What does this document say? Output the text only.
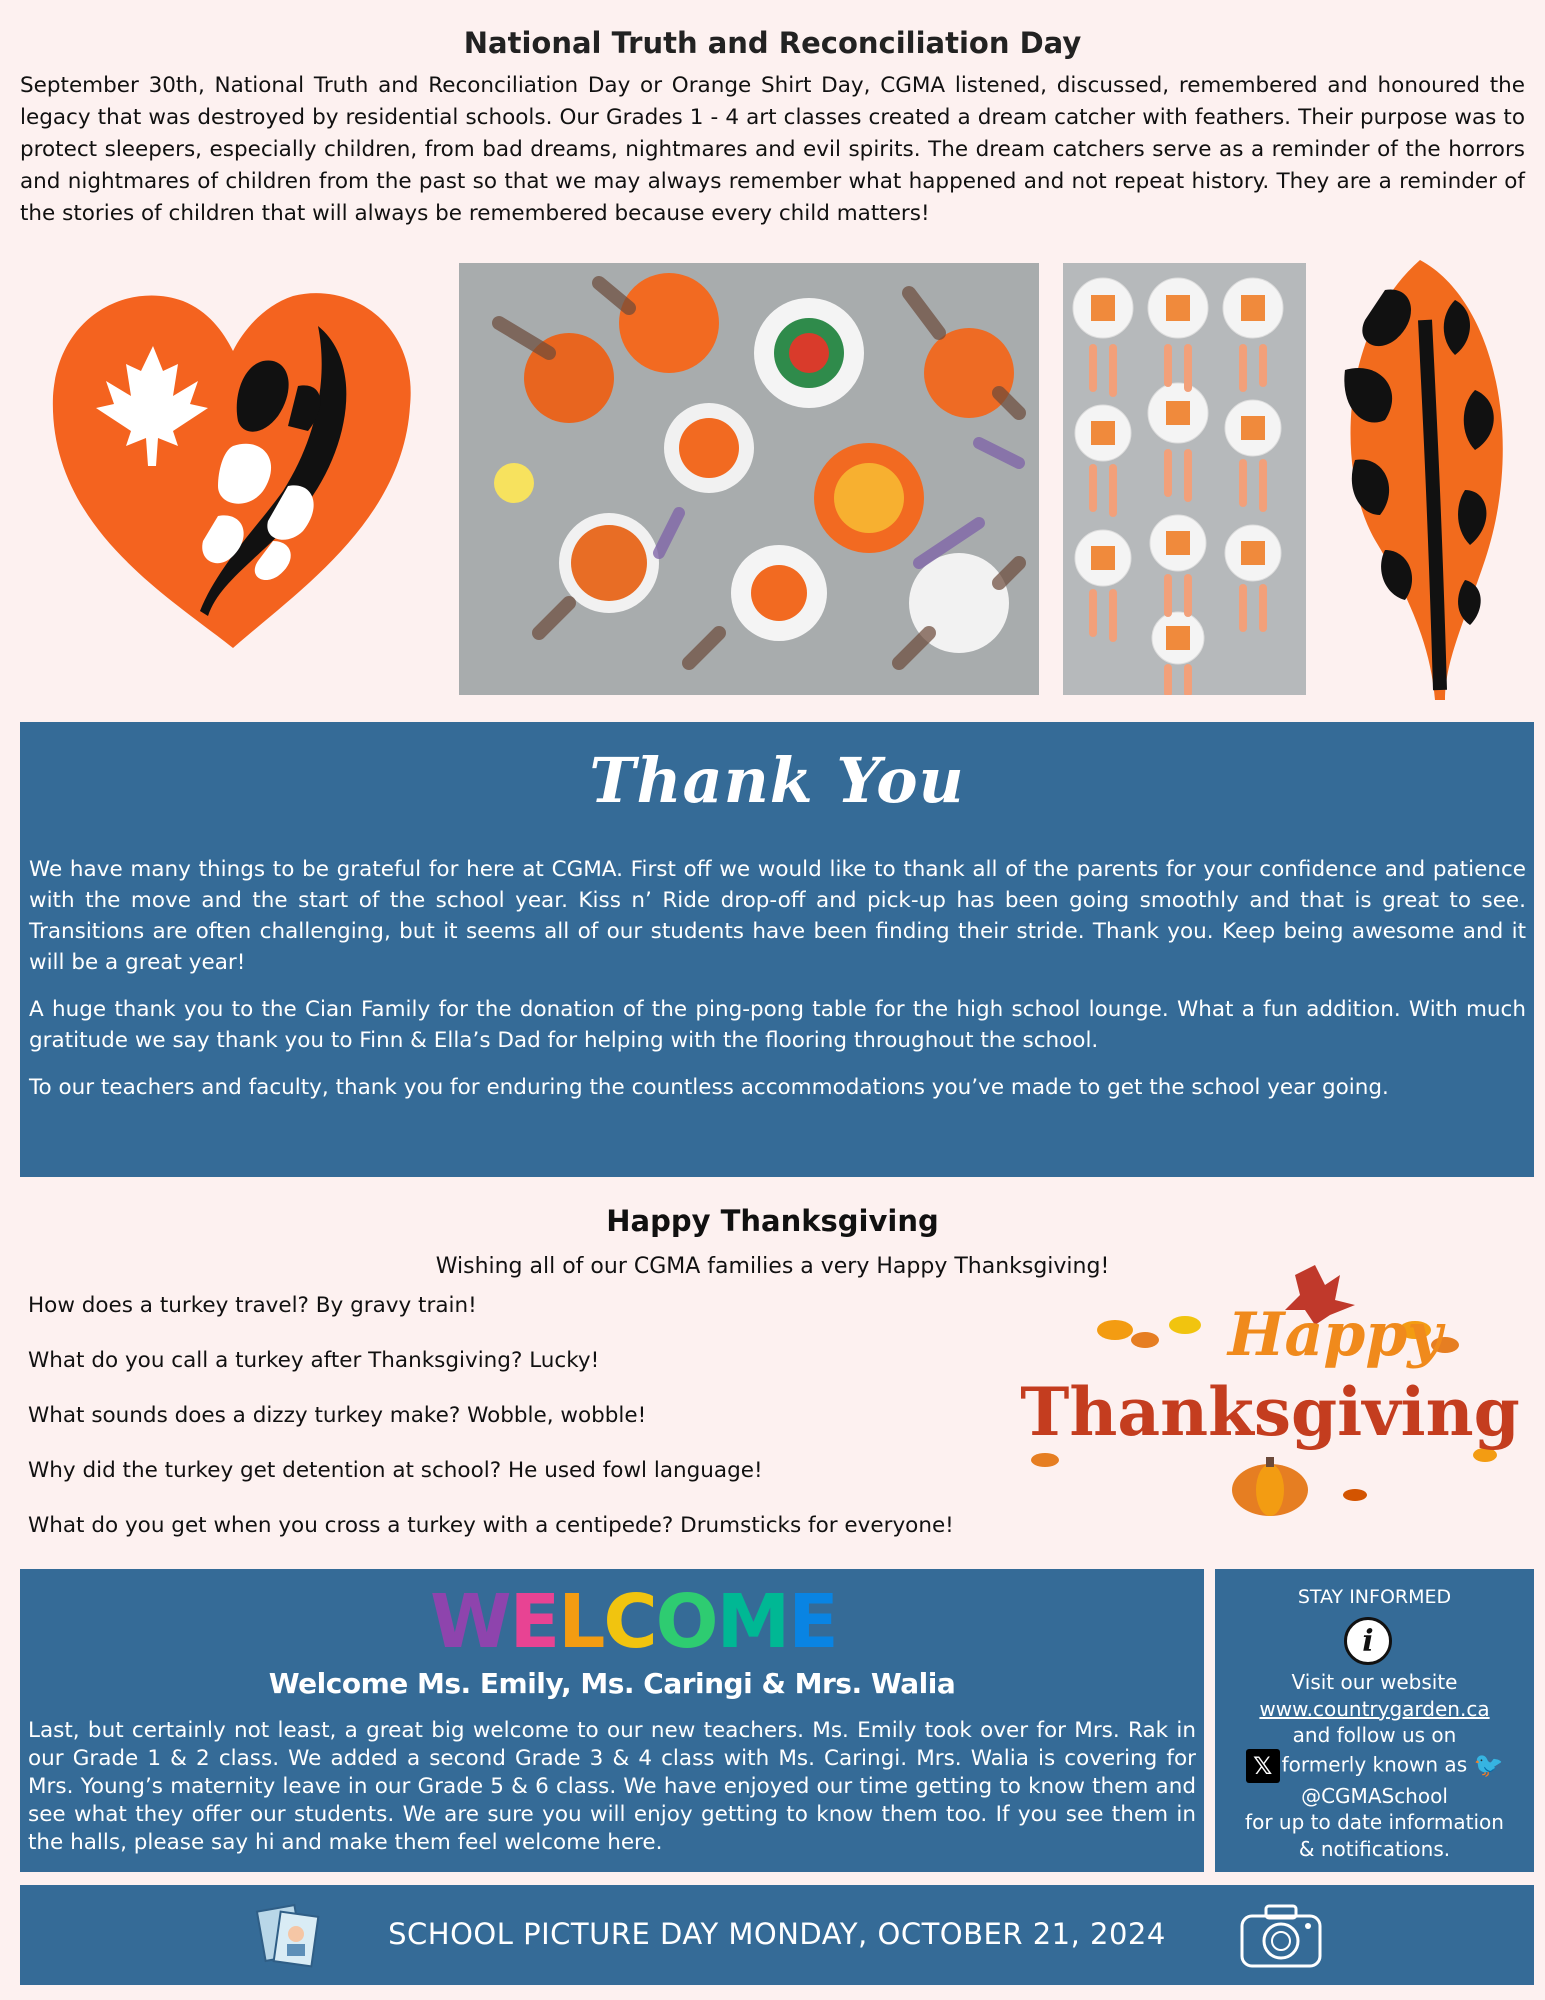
National Truth and Reconciliation Day
September 30th, National Truth and Reconciliation Day or Orange Shirt Day, CGMA listened, discussed, remembered and honoured the legacy that was destroyed by residential schools. Our Grades 1 - 4 art classes created a dream catcher with feathers. Their purpose was to protect sleepers, especially children, from bad dreams, nightmares and evil spirits. The dream catchers serve as a reminder of the horrors and nightmares of children from the past so that we may always remember what happened and not repeat history. They are a reminder of the stories of children that will always be remembered because every child matters!
Thank You

We have many things to be grateful for here at CGMA. First off we would like to thank all of the parents for your confidence and patience with the move and the start of the school year. Kiss n’ Ride drop-off and pick-up has been going smoothly and that is great to see. Transitions are often challenging, but it seems all of our students have been finding their stride. Thank you. Keep being awesome and it will be a great year!

A huge thank you to the Cian Family for the donation of the ping-pong table for the high school lounge. What a fun addition. With much gratitude we say thank you to Finn & Ella’s Dad for helping with the flooring throughout the school.

To our teachers and faculty, thank you for enduring the countless accommodations you’ve made to get the school year going.

Happy Thanksgiving
Wishing all of our CGMA families a very Happy Thanksgiving!
How does a turkey travel? By gravy train!
What do you call a turkey after Thanksgiving? Lucky!
What sounds does a dizzy turkey make? Wobble, wobble!
Why did the turkey get detention at school? He used fowl language!
What do you get when you cross a turkey with a centipede? Drumsticks for everyone!
Happy
Thanksgiving
WELCOME
Welcome Ms. Emily, Ms. Caringi & Mrs. Walia
Last, but certainly not least, a great big welcome to our new teachers. Ms. Emily took over for Mrs. Rak in our Grade 1 & 2 class. We added a second Grade 3 & 4 class with Ms. Caringi. Mrs. Walia is covering for Mrs. Young’s maternity leave in our Grade 5 & 6 class. We have enjoyed our time getting to know them and see what they offer our students. We are sure you will enjoy getting to know them too. If you see them in the halls, please say hi and make them feel welcome here.
STAY INFORMED
i
Visit our website
www.countrygarden.ca
and follow us on
𝕏 formerly known as 🐦
@CGMASchool
for up to date information
& notifications.
SCHOOL PICTURE DAY MONDAY, OCTOBER 21, 2024
